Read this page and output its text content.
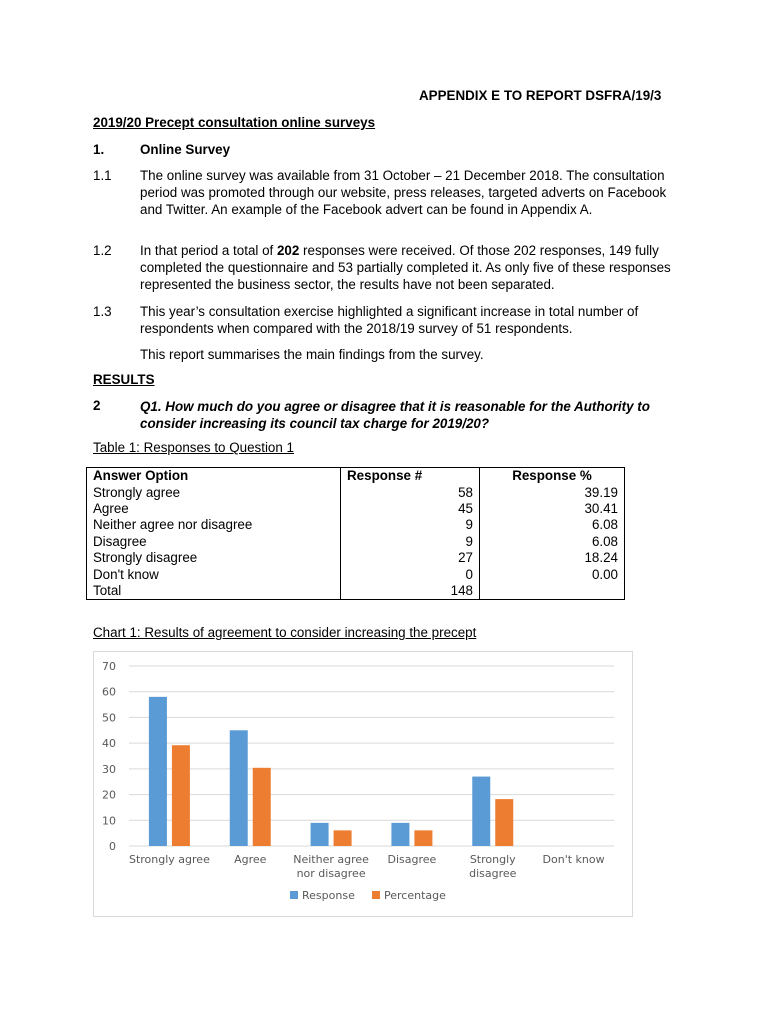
APPENDIX E TO REPORT DSFRA/19/3
2019/20 Precept consultation online surveys
1.	Online Survey
1.1 The online survey was available from 31 October – 21 December 2018. The consultation period was promoted through our website, press releases, targeted adverts on Facebook and Twitter. An example of the Facebook advert can be found in Appendix A.
1.2 In that period a total of 202 responses were received. Of those 202 responses, 149 fully completed the questionnaire and 53 partially completed it. As only five of these responses represented the business sector, the results have not been separated.
1.3 This year’s consultation exercise highlighted a significant increase in total number of respondents when compared with the 2018/19 survey of 51 respondents.
This report summarises the main findings from the survey.
RESULTS
2	Q1. How much do you agree or disagree that it is reasonable for the Authority to consider increasing its council tax charge for 2019/20?
Table 1: Responses to Question 1
Answer Option	Response #	Response %
Strongly agree	58	39.19
Agree	45	30.41
Neither agree nor disagree	9	6.08
Disagree	9	6.08
Strongly disagree	27	18.24
Don't know	0	0.00
Total	148	
Chart 1: Results of agreement to consider increasing the precept
0
10
20
30
40
50
60
70
Strongly agree Agree Neither agree
nor disagree
Disagree	Strongly
disagree
Don't know
Response	Percentage
